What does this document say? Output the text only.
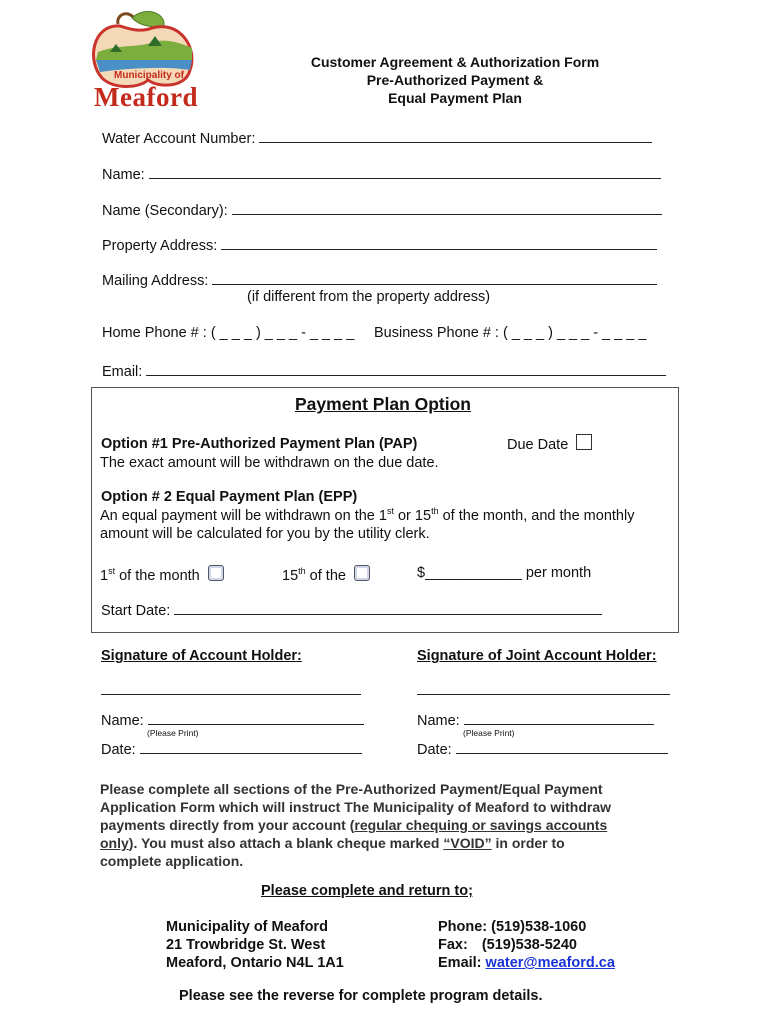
Municipality of
Meaford
Customer Agreement & Authorization Form
Pre-Authorized Payment &
Equal Payment Plan
Water Account Number:
Name:
Name (Secondary):
Property Address:
Mailing Address:
(if different from the property address)
Home Phone # : ( _ _ _ ) _ _ _ - _ _ _ _ Business Phone # : ( _ _ _ ) _ _ _ - _ _ _ _
Email:
Payment Plan Option
Option #1 Pre-Authorized Payment Plan (PAP)	Due Date
The exact amount will be withdrawn on the due date.
Option # 2 Equal Payment Plan (EPP)
An equal payment will be withdrawn on the 1st or 15th of the month, and the monthly
amount will be calculated for you by the utility clerk.
1st of the month	15th of the	$____________ per month
Start Date:
Signature of Account Holder:	Signature of Joint Account Holder:
Name:
(Please Print)
Date:
Name:
(Please Print)
Date:
Please complete all sections of the Pre-Authorized Payment/Equal Payment
Application Form which will instruct The Municipality of Meaford to withdraw
payments directly from your account (regular chequing or savings accounts
only). You must also attach a blank cheque marked “VOID” in order to
complete application.
Please complete and return to;
Municipality of Meaford
21 Trowbridge St. West
Meaford, Ontario N4L 1A1
Phone: (519)538-1060
Fax: (519)538-5240
Email: water@meaford.ca
Please see the reverse for complete program details.
